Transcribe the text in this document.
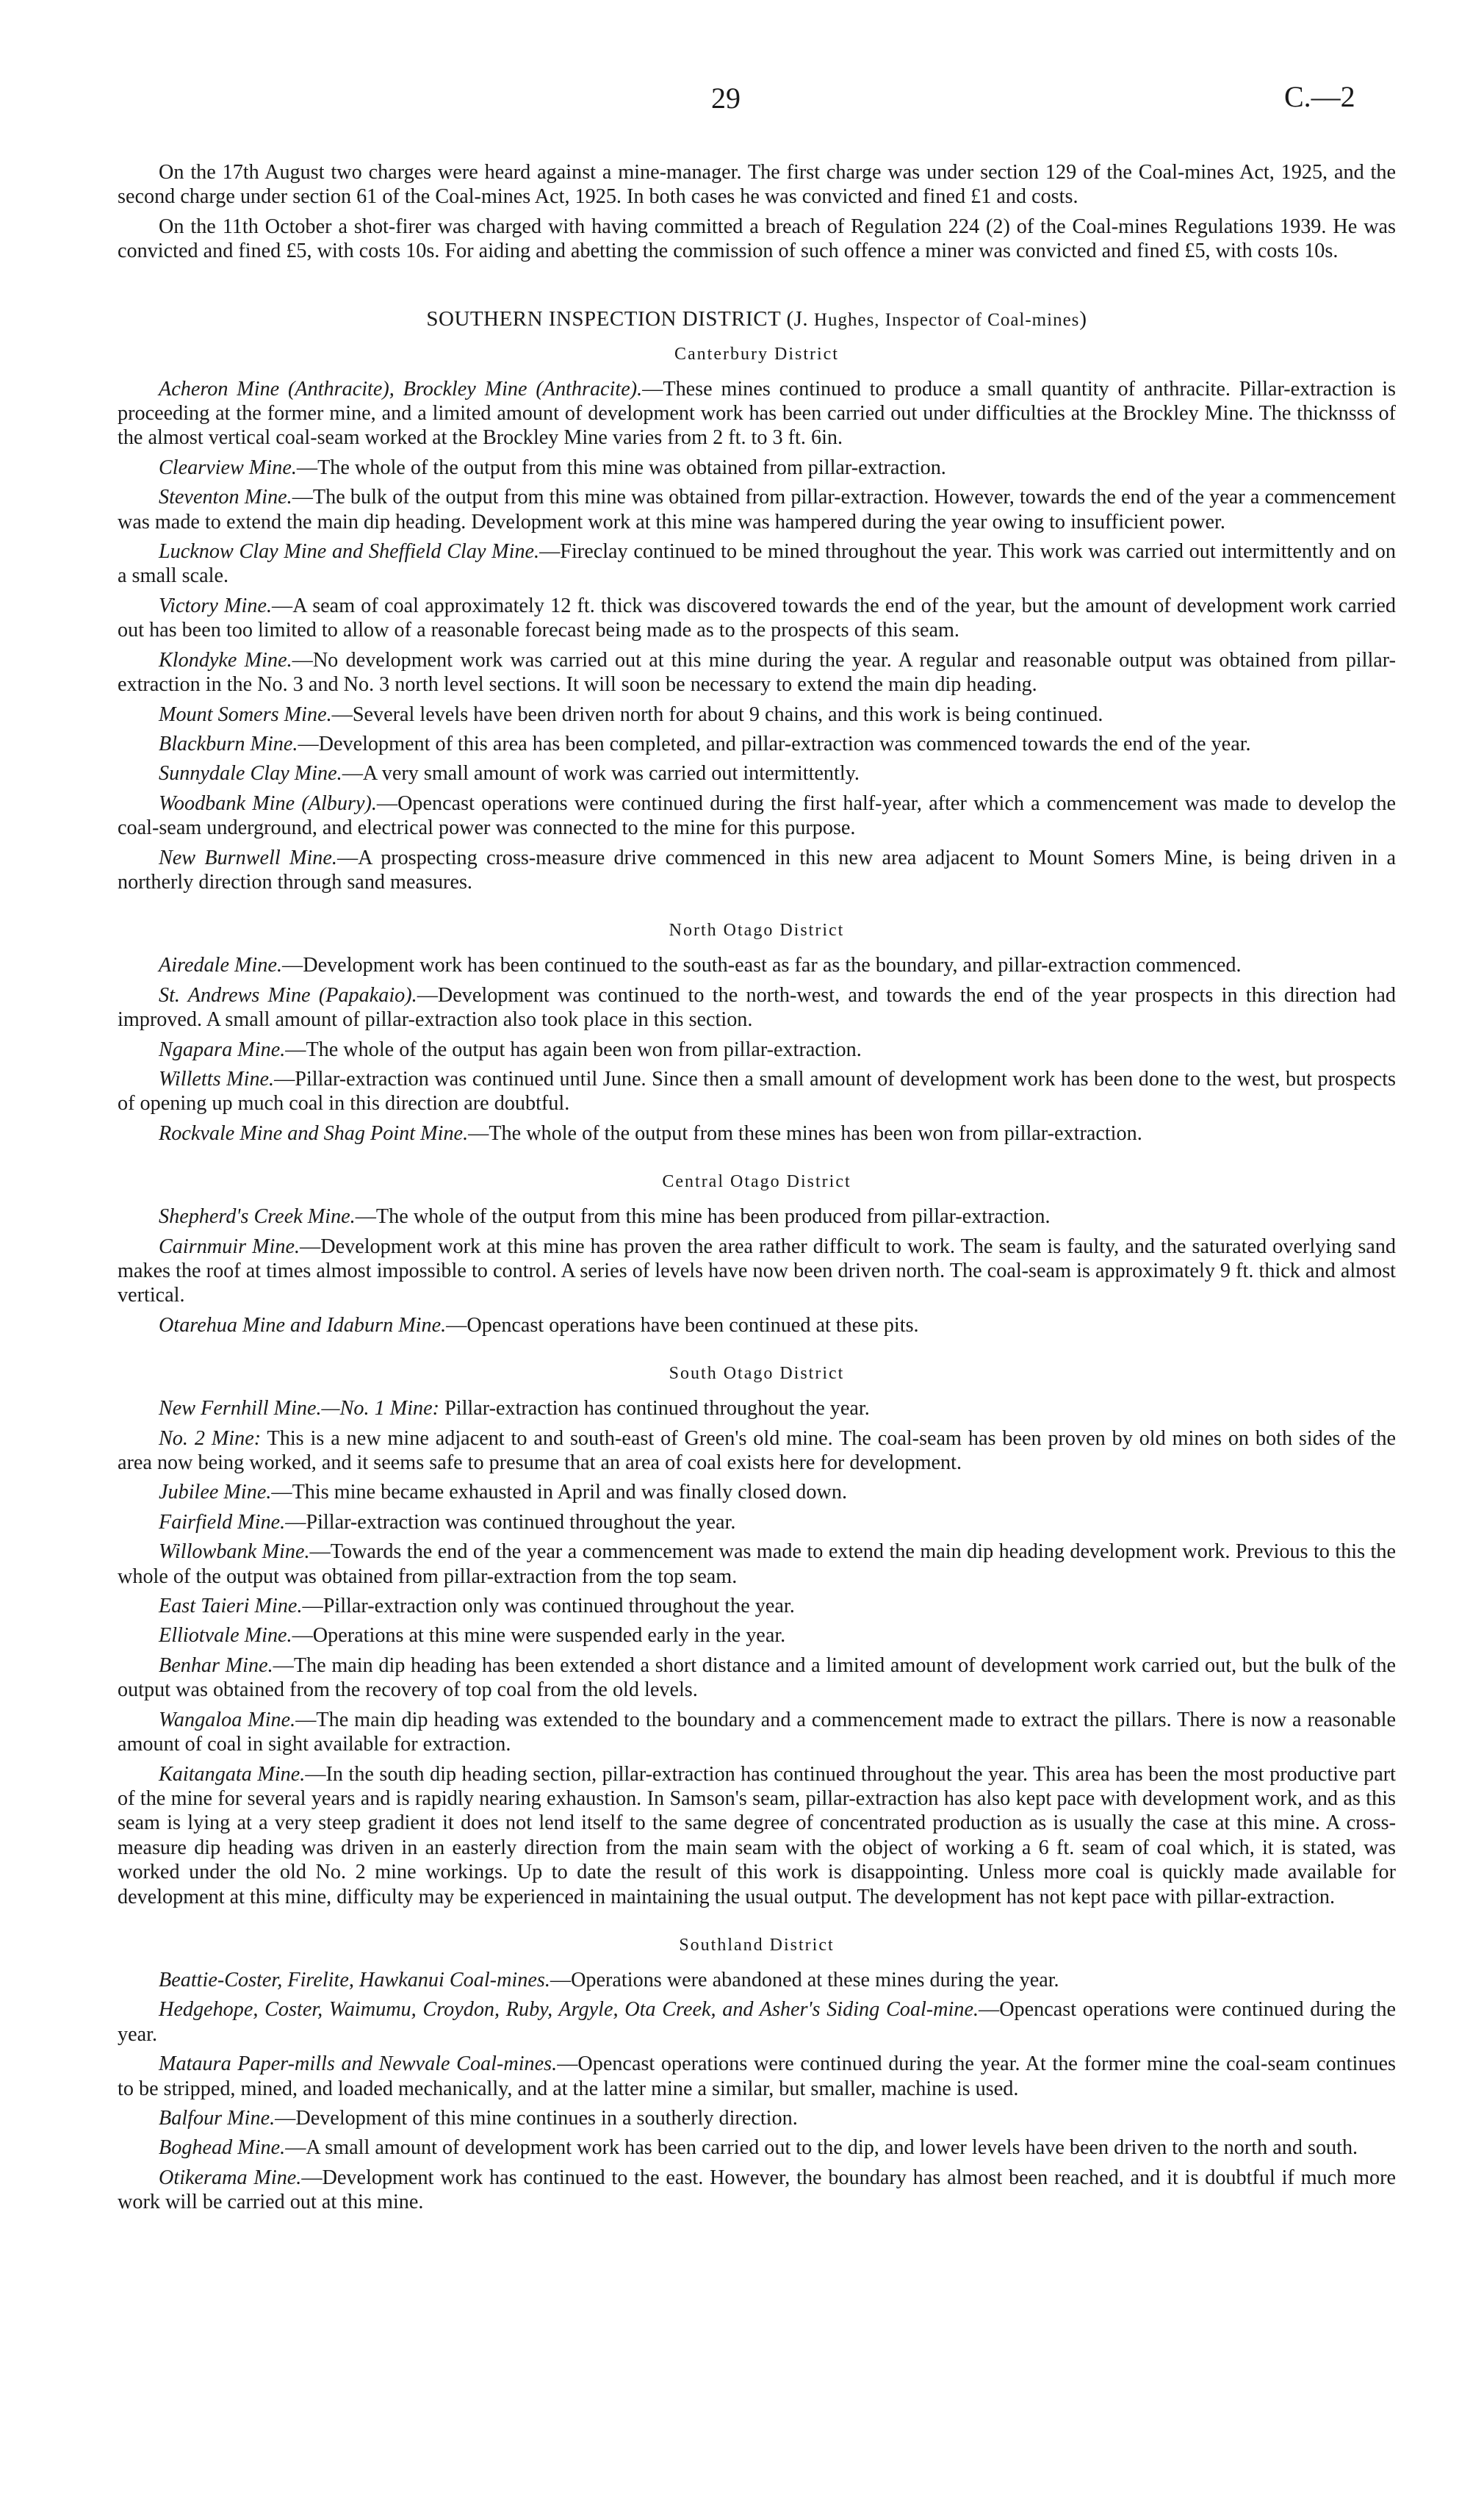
29	C.—2

On the 17th August two charges were heard against a mine-manager. The first charge was under section 129 of the Coal-mines Act, 1925, and the second charge under section 61 of the Coal-mines Act, 1925. In both cases he was convicted and fined £1 and costs.

On the 11th October a shot-firer was charged with having committed a breach of Regulation 224 (2) of the Coal-mines Regulations 1939. He was convicted and fined £5, with costs 10s. For aiding and abetting the commission of such offence a miner was convicted and fined £5, with costs 10s.

SOUTHERN INSPECTION DISTRICT (J. Hughes, Inspector of Coal-mines)
Canterbury District

Acheron Mine (Anthracite), Brockley Mine (Anthracite).—These mines continued to produce a small quantity of anthracite. Pillar-extraction is proceeding at the former mine, and a limited amount of development work has been carried out under difficulties at the Brockley Mine. The thicknsss of the almost vertical coal-seam worked at the Brockley Mine varies from 2 ft. to 3 ft. 6in.

Clearview Mine.—The whole of the output from this mine was obtained from pillar-extraction.

Steventon Mine.—The bulk of the output from this mine was obtained from pillar-extraction. However, towards the end of the year a commencement was made to extend the main dip heading. Development work at this mine was hampered during the year owing to insufficient power.

Lucknow Clay Mine and Sheffield Clay Mine.—Fireclay continued to be mined throughout the year. This work was carried out intermittently and on a small scale.

Victory Mine.—A seam of coal approximately 12 ft. thick was discovered towards the end of the year, but the amount of development work carried out has been too limited to allow of a reasonable forecast being made as to the prospects of this seam.

Klondyke Mine.—No development work was carried out at this mine during the year. A regular and reasonable output was obtained from pillar-extraction in the No. 3 and No. 3 north level sections. It will soon be necessary to extend the main dip heading.

Mount Somers Mine.—Several levels have been driven north for about 9 chains, and this work is being continued.

Blackburn Mine.—Development of this area has been completed, and pillar-extraction was commenced towards the end of the year.

Sunnydale Clay Mine.—A very small amount of work was carried out intermittently.

Woodbank Mine (Albury).—Opencast operations were continued during the first half-year, after which a commencement was made to develop the coal-seam underground, and electrical power was connected to the mine for this purpose.

New Burnwell Mine.—A prospecting cross-measure drive commenced in this new area adjacent to Mount Somers Mine, is being driven in a northerly direction through sand measures.

North Otago District

Airedale Mine.—Development work has been continued to the south-east as far as the boundary, and pillar-extraction commenced.

St. Andrews Mine (Papakaio).—Development was continued to the north-west, and towards the end of the year prospects in this direction had improved. A small amount of pillar-extraction also took place in this section.

Ngapara Mine.—The whole of the output has again been won from pillar-extraction.

Willetts Mine.—Pillar-extraction was continued until June. Since then a small amount of development work has been done to the west, but prospects of opening up much coal in this direction are doubtful.

Rockvale Mine and Shag Point Mine.—The whole of the output from these mines has been won from pillar-extraction.

Central Otago District

Shepherd's Creek Mine.—The whole of the output from this mine has been produced from pillar-extraction.

Cairnmuir Mine.—Development work at this mine has proven the area rather difficult to work. The seam is faulty, and the saturated overlying sand makes the roof at times almost impossible to control. A series of levels have now been driven north. The coal-seam is approximately 9 ft. thick and almost vertical.

Otarehua Mine and Idaburn Mine.—Opencast operations have been continued at these pits.

South Otago District

New Fernhill Mine.—No. 1 Mine: Pillar-extraction has continued throughout the year.

No. 2 Mine: This is a new mine adjacent to and south-east of Green's old mine. The coal-seam has been proven by old mines on both sides of the area now being worked, and it seems safe to presume that an area of coal exists here for development.

Jubilee Mine.—This mine became exhausted in April and was finally closed down.

Fairfield Mine.—Pillar-extraction was continued throughout the year.

Willowbank Mine.—Towards the end of the year a commencement was made to extend the main dip heading development work. Previous to this the whole of the output was obtained from pillar-extraction from the top seam.

East Taieri Mine.—Pillar-extraction only was continued throughout the year.

Elliotvale Mine.—Operations at this mine were suspended early in the year.

Benhar Mine.—The main dip heading has been extended a short distance and a limited amount of development work carried out, but the bulk of the output was obtained from the recovery of top coal from the old levels.

Wangaloa Mine.—The main dip heading was extended to the boundary and a commencement made to extract the pillars. There is now a reasonable amount of coal in sight available for extraction.

Kaitangata Mine.—In the south dip heading section, pillar-extraction has continued throughout the year. This area has been the most productive part of the mine for several years and is rapidly nearing exhaustion. In Samson's seam, pillar-extraction has also kept pace with development work, and as this seam is lying at a very steep gradient it does not lend itself to the same degree of concentrated production as is usually the case at this mine. A cross-measure dip heading was driven in an easterly direction from the main seam with the object of working a 6 ft. seam of coal which, it is stated, was worked under the old No. 2 mine workings. Up to date the result of this work is disappointing. Unless more coal is quickly made available for development at this mine, difficulty may be experienced in maintaining the usual output. The development has not kept pace with pillar-extraction.

Southland District

Beattie-Coster, Firelite, Hawkanui Coal-mines.—Operations were abandoned at these mines during the year.

Hedgehope, Coster, Waimumu, Croydon, Ruby, Argyle, Ota Creek, and Asher's Siding Coal-mine.—Opencast operations were continued during the year.

Mataura Paper-mills and Newvale Coal-mines.—Opencast operations were continued during the year. At the former mine the coal-seam continues to be stripped, mined, and loaded mechanically, and at the latter mine a similar, but smaller, machine is used.

Balfour Mine.—Development of this mine continues in a southerly direction.

Boghead Mine.—A small amount of development work has been carried out to the dip, and lower levels have been driven to the north and south.

Otikerama Mine.—Development work has continued to the east. However, the boundary has almost been reached, and it is doubtful if much more work will be carried out at this mine.
